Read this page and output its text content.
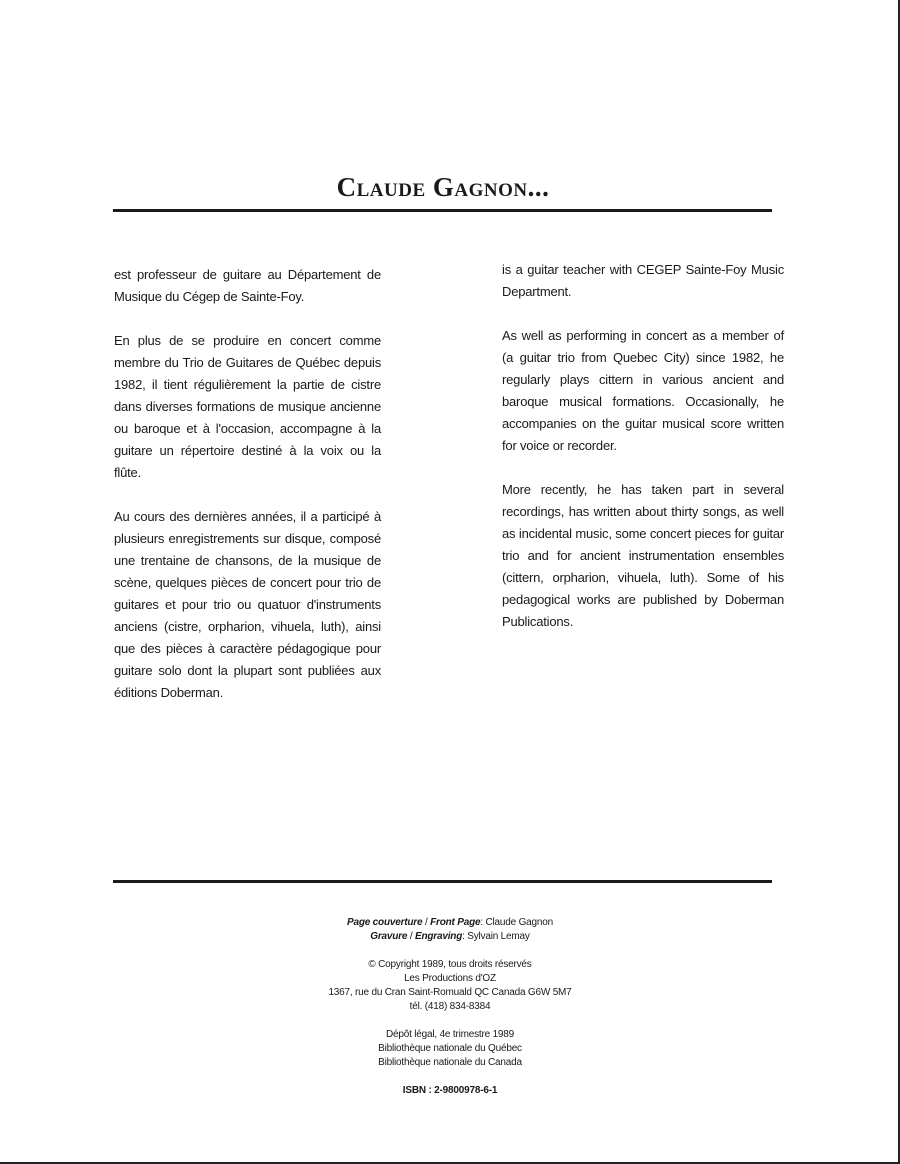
Claude Gagnon...

est professeur de guitare au Département de Musique du Cégep de Sainte-Foy.

En plus de se produire en concert comme membre du Trio de Guitares de Québec depuis 1982, il tient régulièrement la partie de cistre dans diverses formations de musique ancienne ou baroque et à l'occasion, accompagne à la guitare un répertoire destiné à la voix ou la flûte.

Au cours des dernières années, il a participé à plusieurs enregistrements sur disque, composé une trentaine de chansons, de la musique de scène, quelques pièces de concert pour trio de guitares et pour trio ou quatuor d'instruments anciens (cistre, orpharion, vihuela, luth), ainsi que des pièces à caractère pédagogique pour guitare solo dont la plupart sont publiées aux éditions Doberman.

is a guitar teacher with CEGEP Sainte-Foy Music Department.

As well as performing in concert as a member of (a guitar trio from Quebec City) since 1982, he regularly plays cittern in various ancient and baroque musical formations. Occasionally, he accompanies on the guitar musical score written for voice or recorder.

More recently, he has taken part in several recordings, has written about thirty songs, as well as incidental music, some concert pieces for guitar trio and for ancient instrumentation ensembles (cittern, orpharion, vihuela, luth). Some of his pedagogical works are published by Doberman Publications.

Page couverture / Front Page: Claude Gagnon
Gravure / Engraving: Sylvain Lemay
© Copyright 1989, tous droits réservés
Les Productions d'OZ
1367, rue du Cran Saint-Romuald QC Canada G6W 5M7
tél. (418) 834-8384
Dépôt légal, 4e trimestre 1989
Bibliothèque nationale du Québec
Bibliothèque nationale du Canada
ISBN : 2-9800978-6-1
